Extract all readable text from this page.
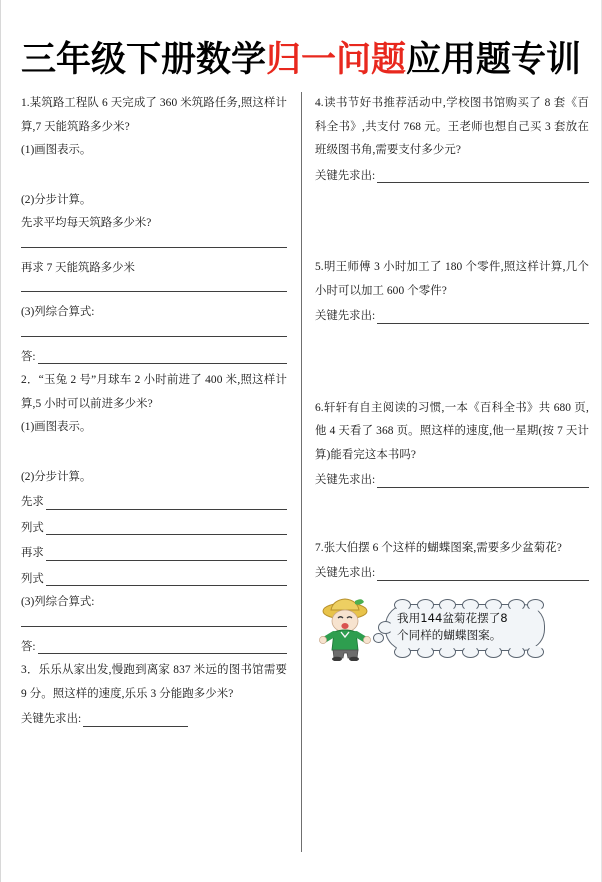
三年级下册数学归一问题应用题专训

1.某筑路工程队 6 天完成了 360 米筑路任务,照这样计算,7 天能筑路多少米?

(1)画图表示。
(2)分步计算。
先求平均每天筑路多少米?
再求 7 天能筑路多少米
(3)列综合算式:
答:

2．“玉兔 2 号”月球车 2 小时前进了 400 米,照这样计算,5 小时可以前进多少米?

(1)画图表示。
(2)分步计算。
先求
列式
再求
列式
(3)列综合算式:
答:

3．乐乐从家出发,慢跑到离家 837 米远的图书馆需要 9 分。照这样的速度,乐乐 3 分能跑多少米?

关键先求出:

4.读书节好书推荐活动中,学校图书馆购买了 8 套《百科全书》,共支付 768 元。王老师也想自己买 3 套放在班级图书角,需要支付多少元?

关键先求出:

5.明王师傅 3 小时加工了 180 个零件,照这样计算,几个小时可以加工 600 个零件?

关键先求出:

6.轩轩有自主阅读的习惯,一本《百科全书》共 680 页,他 4 天看了 368 页。照这样的速度,他一星期(按 7 天计算)能看完这本书吗?

关键先求出:

7.张大伯摆 6 个这样的蝴蝶图案,需要多少盆菊花?

关键先求出:
我用144盆菊花摆了8
个同样的蝴蝶图案。
